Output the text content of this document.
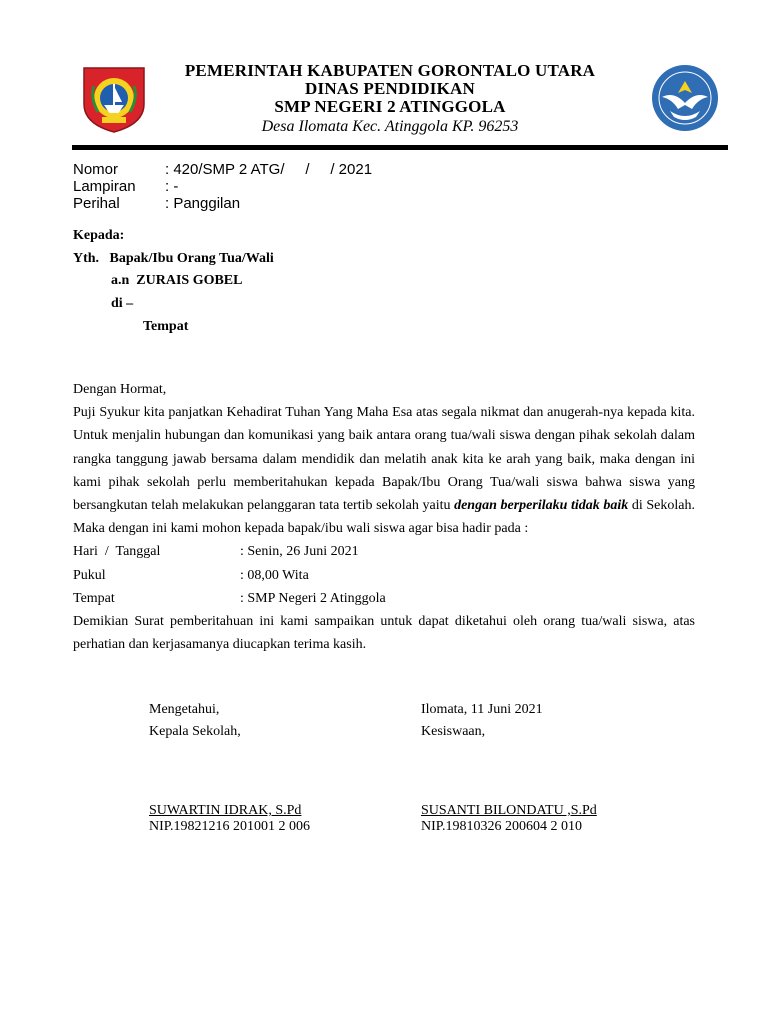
PEMERINTAH KABUPATEN GORONTALO UTARA
DINAS PENDIDIKAN
SMP NEGERI 2 ATINGGOLA
Desa Ilomata Kec. Atinggola KP. 96253
Nomor	: 420/SMP 2 ATG/     /     / 2021
Lampiran	: -
Perihal	: Panggilan
Kepada:
Yth.   Bapak/Ibu Orang Tua/Wali
a.n  ZURAIS GOBEL
di –
Tempat

Dengan Hormat,

Puji Syukur kita panjatkan Kehadirat Tuhan Yang Maha Esa atas segala nikmat dan anugerah-nya kepada kita. Untuk menjalin hubungan dan komunikasi yang baik antara orang tua/wali siswa dengan pihak sekolah dalam rangka tanggung jawab bersama dalam mendidik dan melatih anak kita ke arah yang baik, maka dengan ini kami pihak sekolah perlu memberitahukan kepada Bapak/Ibu Orang Tua/wali siswa bahwa siswa yang bersangkutan telah melakukan pelanggaran tata tertib sekolah yaitu dengan berperilaku tidak baik di Sekolah. Maka dengan ini kami mohon kepada bapak/ibu wali siswa agar bisa hadir pada :

Hari  /  Tanggal	: Senin, 26 Juni 2021
Pukul	: 08,00 Wita
Tempat	: SMP Negeri 2 Atinggola

Demikian Surat pemberitahuan ini kami sampaikan untuk dapat diketahui oleh orang tua/wali siswa, atas perhatian dan kerjasamanya diucapkan terima kasih.

Mengetahui,
Kepala Sekolah,
SUWARTIN IDRAK, S.Pd
NIP.19821216 201001 2 006
Ilomata, 11 Juni 2021
Kesiswaan,
SUSANTI BILONDATU ,S.Pd
NIP.19810326 200604 2 010
